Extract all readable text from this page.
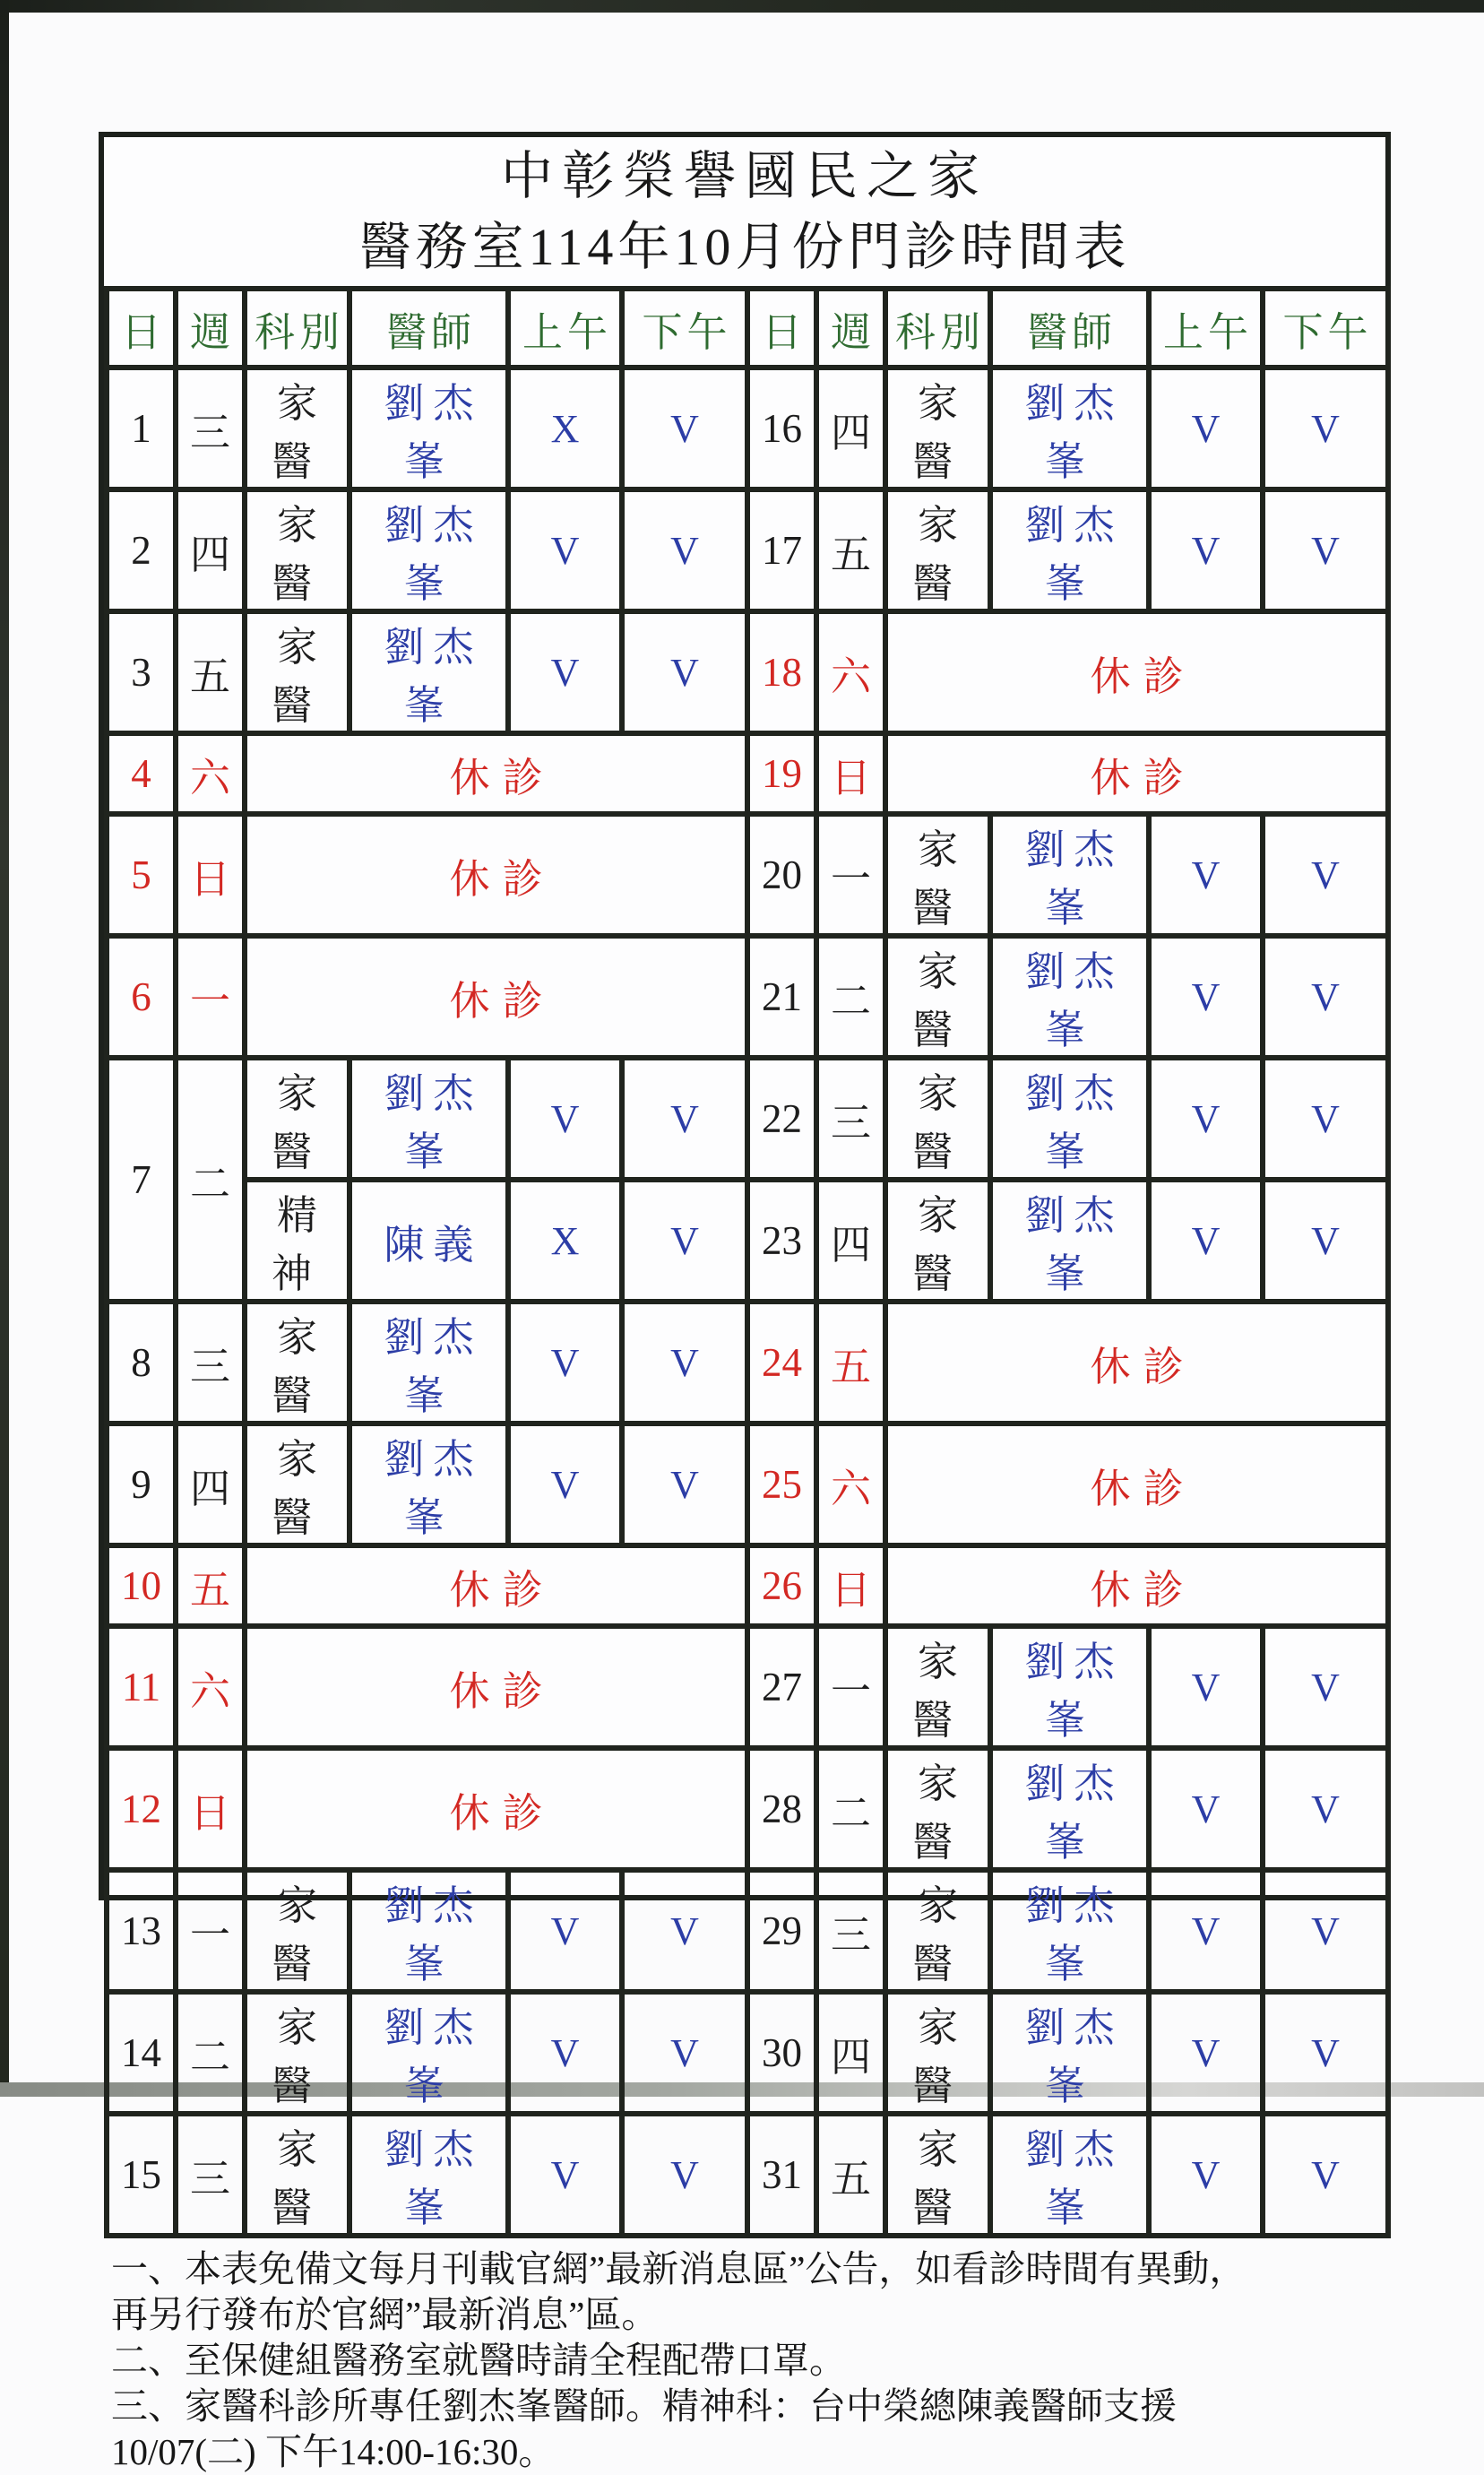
中彰榮譽國民之家
醫務室114年10月份門診時間表
日	週	科別	醫師	上午	下午	日	週	科別	醫師	上午	下午
1	三	家醫	劉杰峯	X	V	16	四	家醫	劉杰峯	V	V
2	四	家醫	劉杰峯	V	V	17	五	家醫	劉杰峯	V	V
3	五	家醫	劉杰峯	V	V	18	六	休診			
4	六	休診				19	日	休診			
5	日	休診				20	一	家醫	劉杰峯	V	V
6	一	休診				21	二	家醫	劉杰峯	V	V
7	二	家醫	劉杰峯	V	V	22	三	家醫	劉杰峯	V	V
		精神	陳義	X	V	23	四	家醫	劉杰峯	V	V
8	三	家醫	劉杰峯	V	V	24	五	休診			
9	四	家醫	劉杰峯	V	V	25	六	休診			
10	五	休診				26	日	休診			
11	六	休診				27	一	家醫	劉杰峯	V	V
12	日	休診				28	二	家醫	劉杰峯	V	V
13	一	家醫	劉杰峯	V	V	29	三	家醫	劉杰峯	V	V
14	二	家醫	劉杰峯	V	V	30	四	家醫	劉杰峯	V	V
15	三	家醫	劉杰峯	V	V	31	五	家醫	劉杰峯	V	V
一、本表免備文每月刊載官網”最新消息區”公告，如看診時間有異動，
再另行發布於官網”最新消息”區。
二、至保健組醫務室就醫時請全程配帶口罩。
三、家醫科診所專任劉杰峯醫師。精神科：台中榮總陳義醫師支援
10/07(二) 下午14:00-16:30。
